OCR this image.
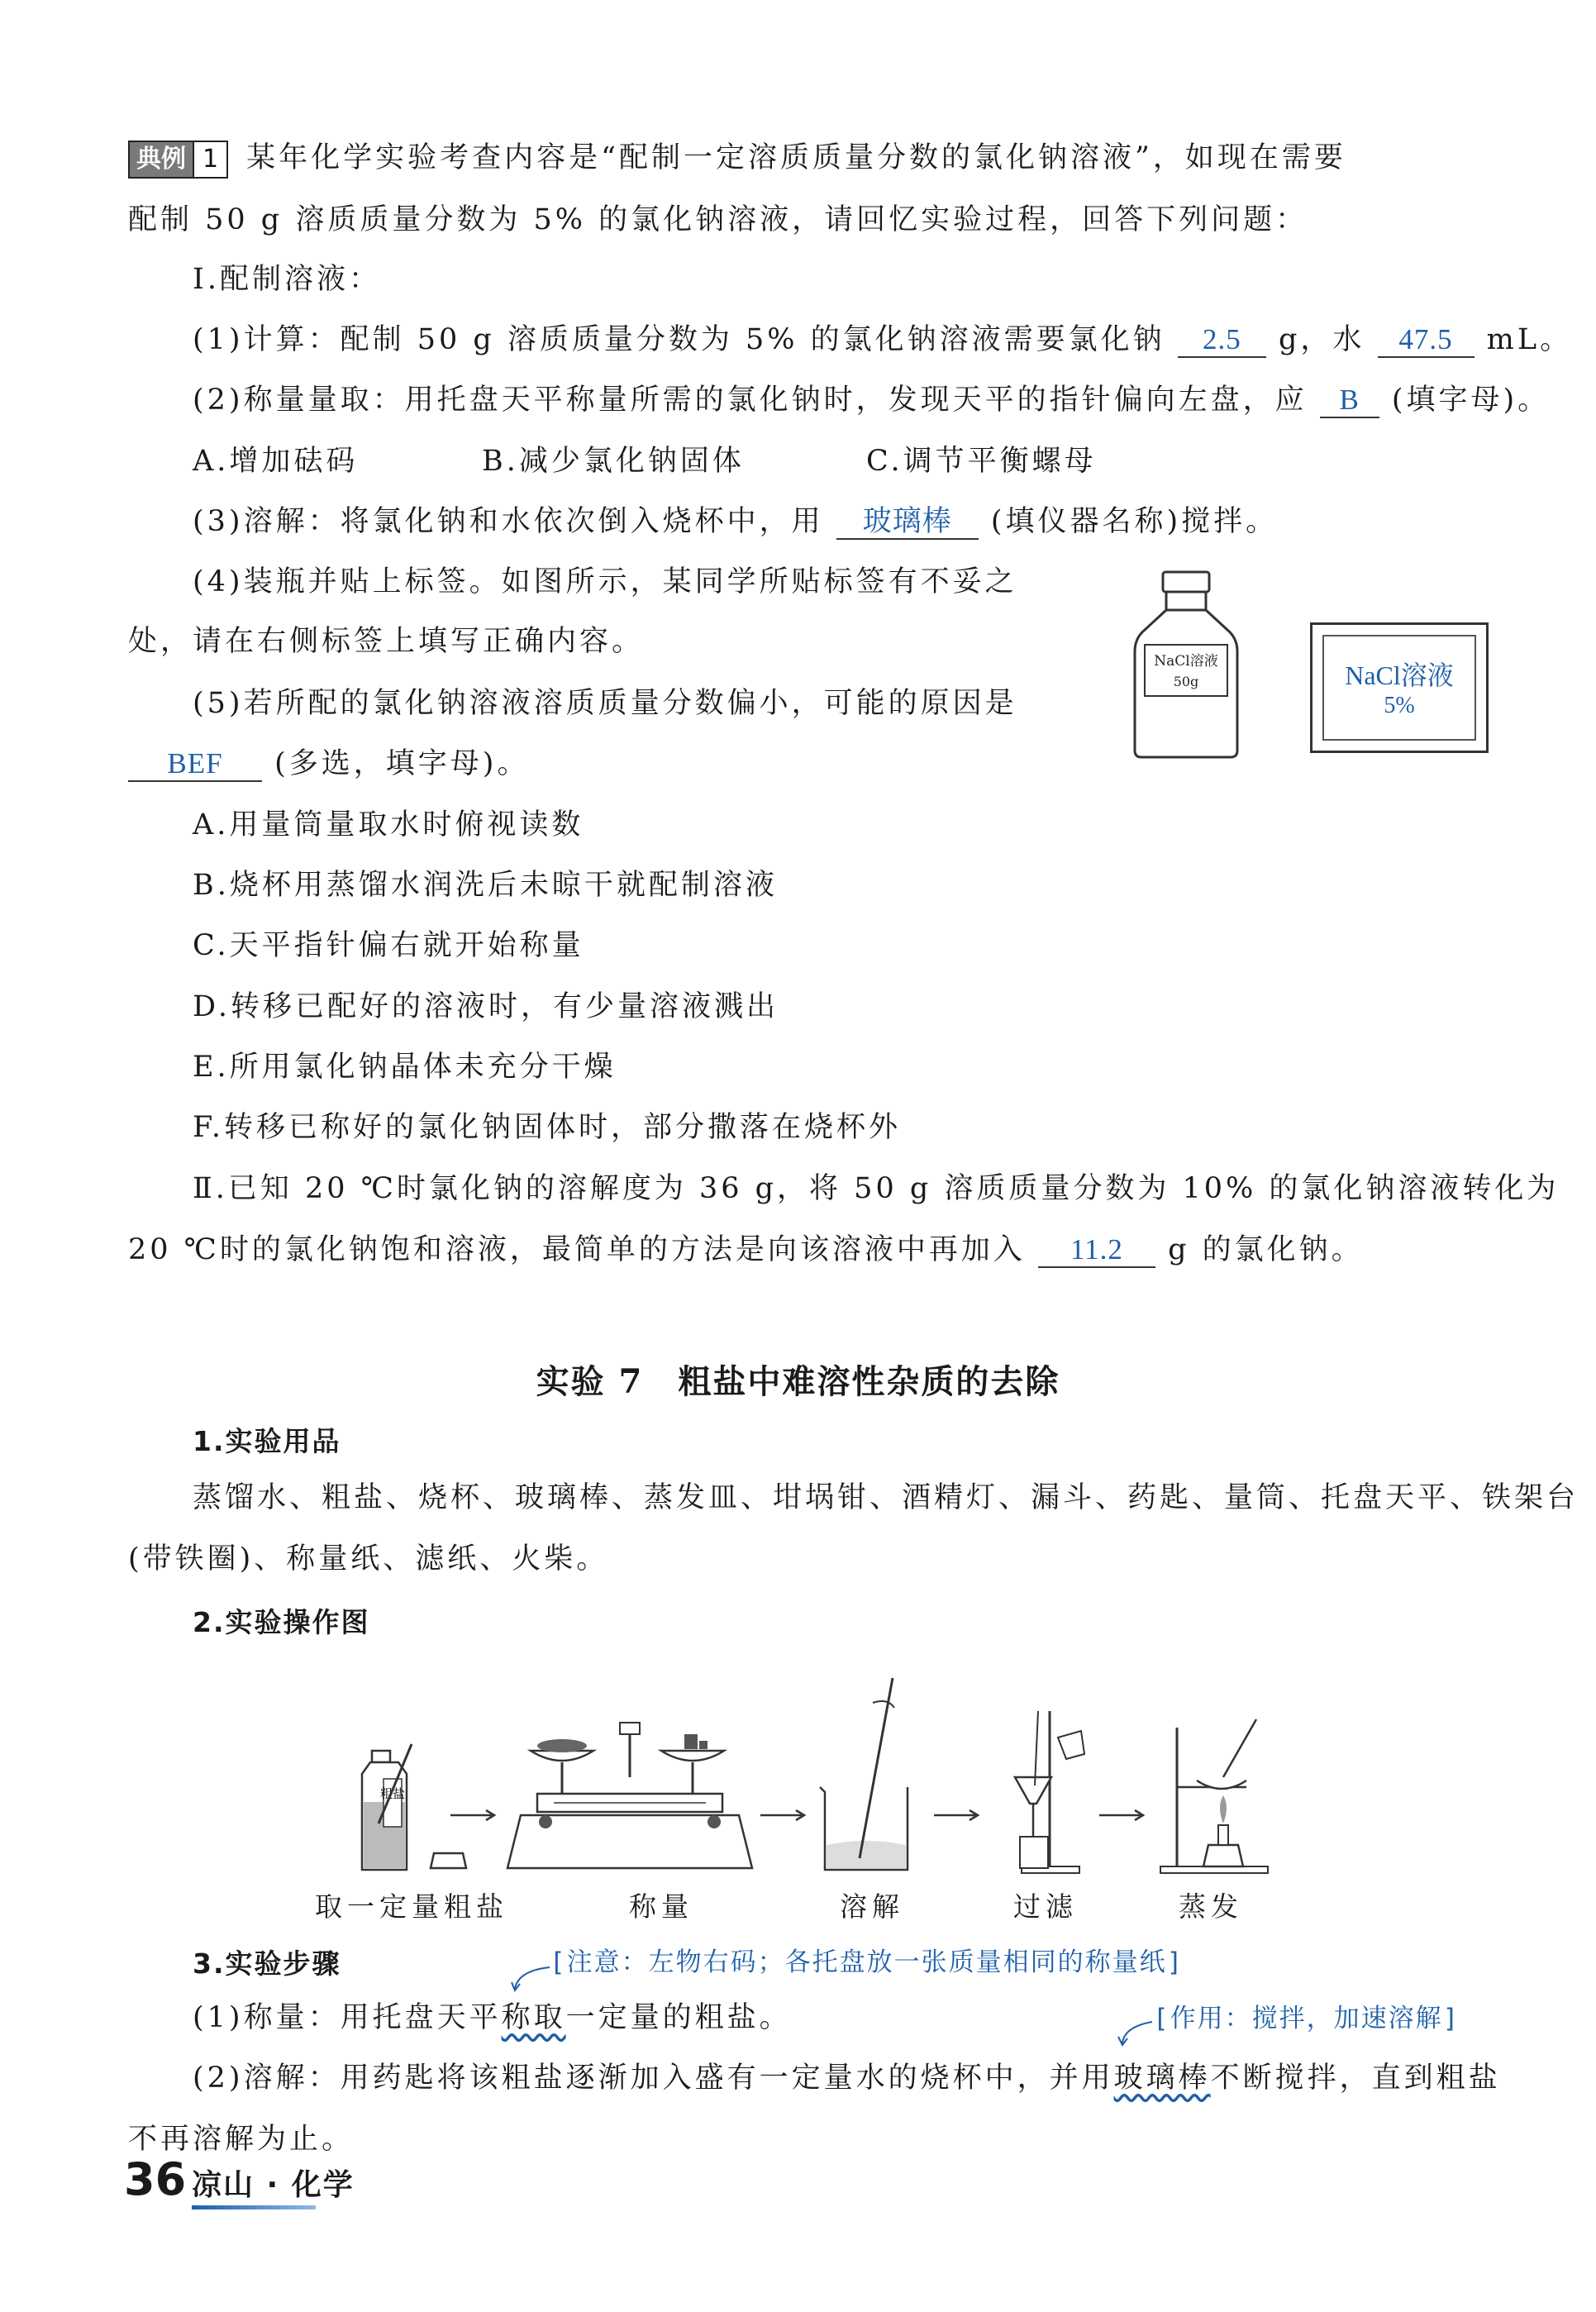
典例 1 某年化学实验考查内容是“配制一定溶质质量分数的氯化钠溶液”，如现在需要
配制 50 g 溶质质量分数为 5% 的氯化钠溶液，请回忆实验过程，回答下列问题：
Ⅰ.配制溶液：
(1)计算：配制 50 g 溶质质量分数为 5% 的氯化钠溶液需要氯化钠 2.5 g，水 47.5 mL。
(2)称量量取：用托盘天平称量所需的氯化钠时，发现天平的指针偏向左盘，应 B (填字母)。
A.增加砝码	B.减少氯化钠固体	C.调节平衡螺母
(3)溶解：将氯化钠和水依次倒入烧杯中，用 玻璃棒 (填仪器名称)搅拌。
(4)装瓶并贴上标签。如图所示，某同学所贴标签有不妥之
处，请在右侧标签上填写正确内容。
NaCl溶液
50g	NaCl溶液
5%
(5)若所配的氯化钠溶液溶质质量分数偏小，可能的原因是
BEF (多选，填字母)。
A.用量筒量取水时俯视读数
B.烧杯用蒸馏水润洗后未晾干就配制溶液
C.天平指针偏右就开始称量
D.转移已配好的溶液时，有少量溶液溅出
E.所用氯化钠晶体未充分干燥
F.转移已称好的氯化钠固体时，部分撒落在烧杯外
Ⅱ.已知 20 ℃时氯化钠的溶解度为 36 g，将 50 g 溶质质量分数为 10% 的氯化钠溶液转化为
20 ℃时的氯化钠饱和溶液，最简单的方法是向该溶液中再加入 11.2 g 的氯化钠。
实验 7　粗盐中难溶性杂质的去除
1.实验用品
蒸馏水、粗盐、烧杯、玻璃棒、蒸发皿、坩埚钳、酒精灯、漏斗、药匙、量筒、托盘天平、铁架台
(带铁圈)、称量纸、滤纸、火柴。
2.实验操作图
粗盐
取一定量粗盐	称量	溶解	过滤	蒸发
3.实验步骤	[注意：左物右码；各托盘放一张质量相同的称量纸]
(1)称量：用托盘天平称取一定量的粗盐。	[作用：搅拌，加速溶解]
(2)溶解：用药匙将该粗盐逐渐加入盛有一定量水的烧杯中，并用玻璃棒不断搅拌，直到粗盐
不再溶解为止。
36 凉山 · 化学
